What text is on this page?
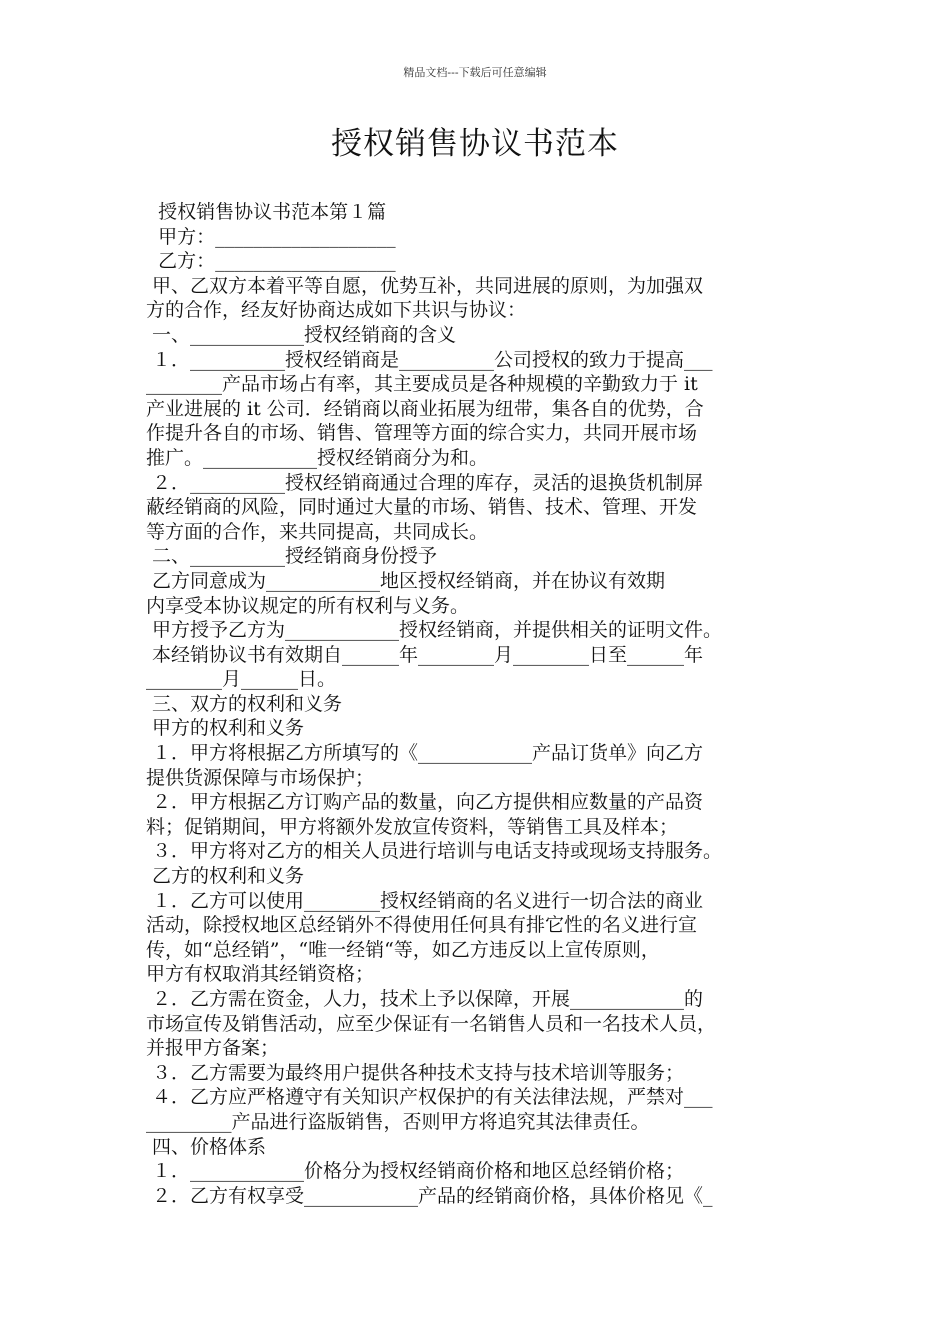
精品文档---下载后可任意编辑
授权销售协议书范本
授权销售协议书范本第１篇
甲方：___________________
乙方：___________________
甲、乙双方本着平等自愿，优势互补，共同进展的原则，为加强双
方的合作，经友好协商达成如下共识与协议：
一、____________授权经销商的含义
１．__________授权经销商是__________公司授权的致力于提高___
________产品市场占有率，其主要成员是各种规模的辛勤致力于 it
产业进展的 it 公司．经销商以商业拓展为纽带，集各自的优势，合
作提升各自的市场、销售、管理等方面的综合实力，共同开展市场
推广。____________授权经销商分为和。
２．__________授权经销商通过合理的库存，灵活的退换货机制屏
蔽经销商的风险，同时通过大量的市场、销售、技术、管理、开发
等方面的合作，来共同提高，共同成长。
二、__________授经销商身份授予
乙方同意成为____________地区授权经销商，并在协议有效期
内享受本协议规定的所有权利与义务。
甲方授予乙方为____________授权经销商，并提供相关的证明文件。
本经销协议书有效期自______年________月________日至______年
________月______日。
三、双方的权利和义务
甲方的权利和义务
１．甲方将根据乙方所填写的《____________产品订货单》向乙方
提供货源保障与市场保护；
２．甲方根据乙方订购产品的数量，向乙方提供相应数量的产品资
料；促销期间，甲方将额外发放宣传资料，等销售工具及样本；
３．甲方将对乙方的相关人员进行培训与电话支持或现场支持服务。
乙方的权利和义务
１．乙方可以使用________授权经销商的名义进行一切合法的商业
活动，除授权地区总经销外不得使用任何具有排它性的名义进行宣
传，如“总经销”，“唯一经销“等，如乙方违反以上宣传原则，
甲方有权取消其经销资格；
２．乙方需在资金，人力，技术上予以保障，开展____________的
市场宣传及销售活动，应至少保证有一名销售人员和一名技术人员，
并报甲方备案；
３．乙方需要为最终用户提供各种技术支持与技术培训等服务；
４．乙方应严格遵守有关知识产权保护的有关法律法规，严禁对___
_________产品进行盗版销售，否则甲方将追究其法律责任。
四、价格体系
１．____________价格分为授权经销商价格和地区总经销价格；
２．乙方有权享受____________产品的经销商价格，具体价格见《_
